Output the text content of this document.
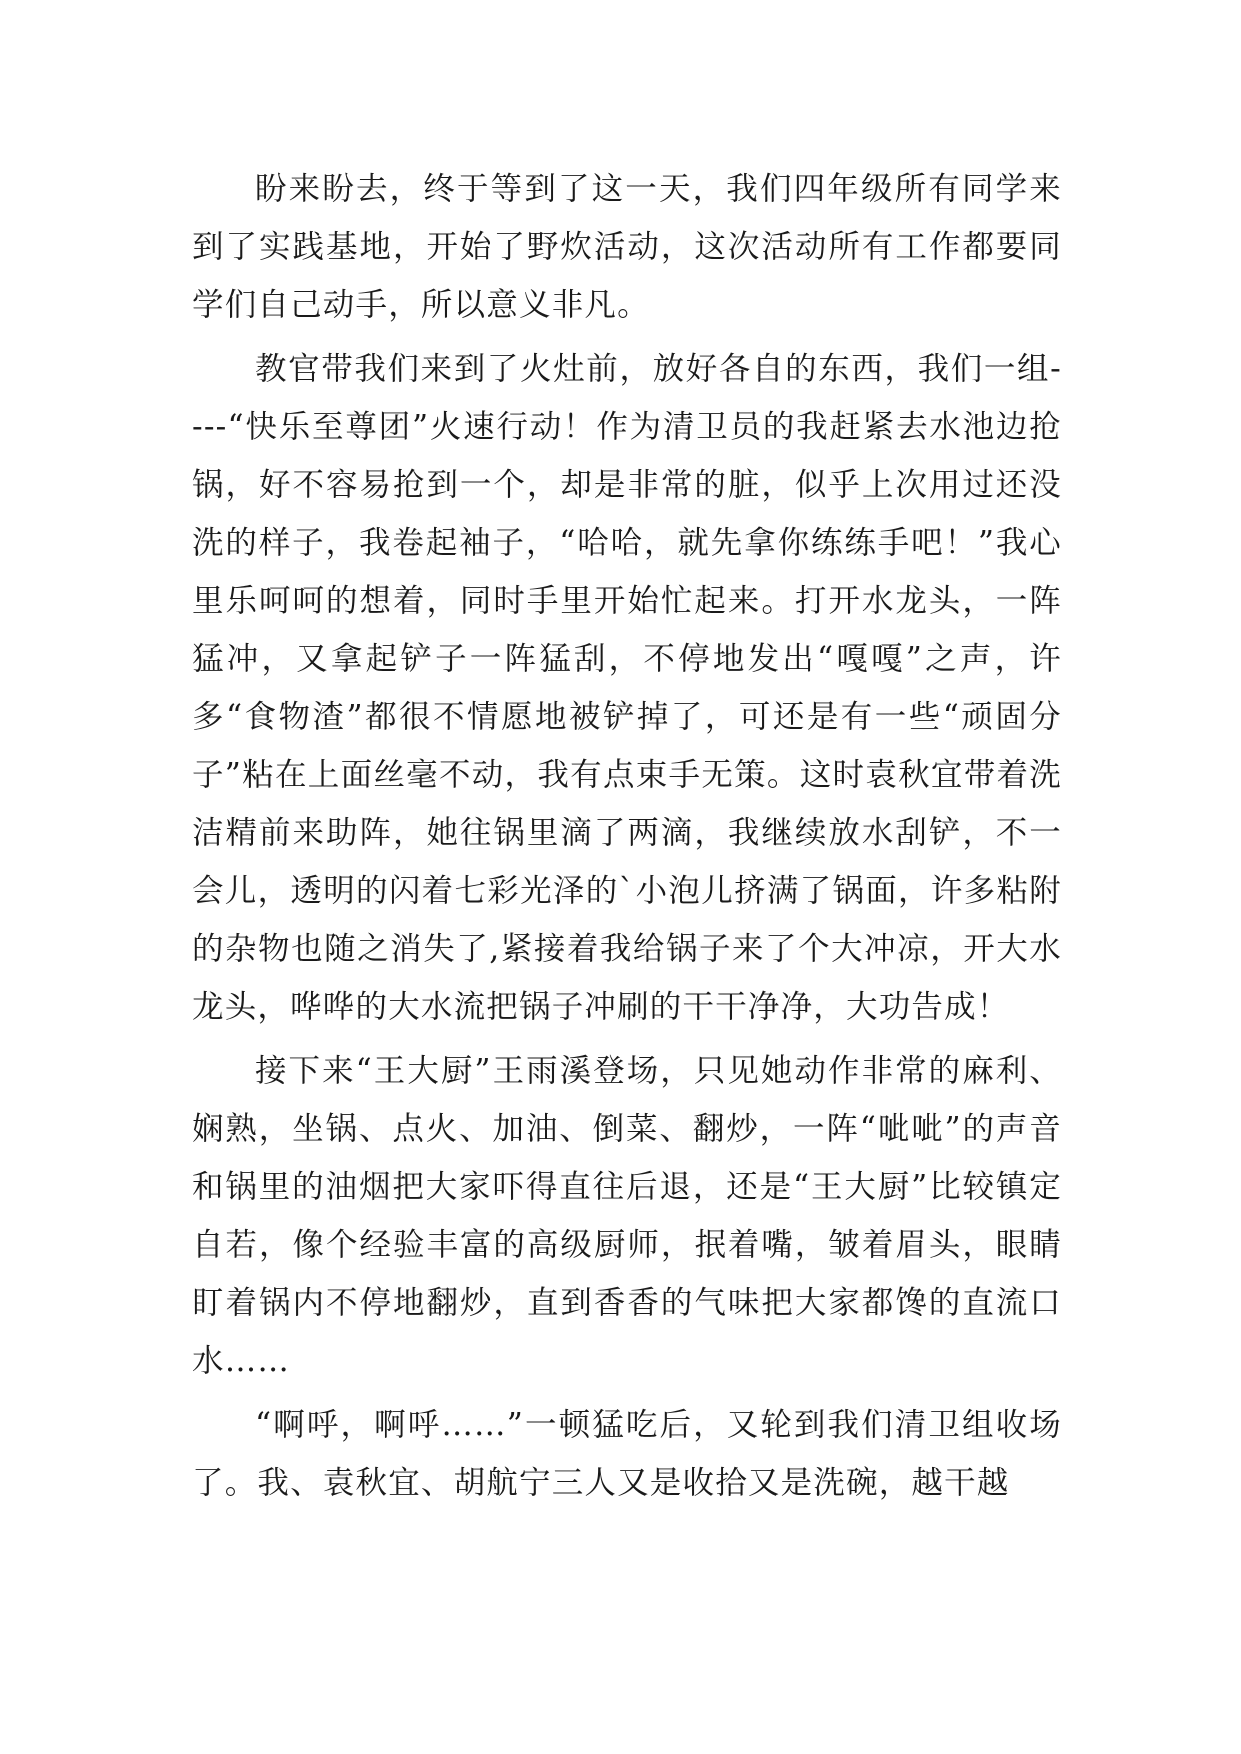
盼来盼去，终于等到了这一天，我们四年级所有同学来到了实践基地，开始了野炊活动，这次活动所有工作都要同学们自己动手，所以意义非凡。

教官带我们来到了火灶前，放好各自的东西，我们一组----“快乐至尊团”火速行动！作为清卫员的我赶紧去水池边抢锅，好不容易抢到一个，却是非常的脏，似乎上次用过还没洗的样子，我卷起袖子，“哈哈，就先拿你练练手吧！”我心里乐呵呵的想着，同时手里开始忙起来。打开水龙头，一阵猛冲，又拿起铲子一阵猛刮，不停地发出“嘎嘎”之声，许多“食物渣”都很不情愿地被铲掉了，可还是有一些“顽固分子”粘在上面丝毫不动，我有点束手无策。这时袁秋宜带着洗洁精前来助阵，她往锅里滴了两滴，我继续放水刮铲，不一会儿，透明的闪着七彩光泽的`小泡儿挤满了锅面，许多粘附的杂物也随之消失了,紧接着我给锅子来了个大冲凉，开大水龙头，哗哗的大水流把锅子冲刷的干干净净，大功告成！

接下来“王大厨”王雨溪登场，只见她动作非常的麻利、娴熟，坐锅、点火、加油、倒菜、翻炒，一阵“呲呲”的声音和锅里的油烟把大家吓得直往后退，还是“王大厨”比较镇定自若，像个经验丰富的高级厨师，抿着嘴，皱着眉头，眼睛盯着锅内不停地翻炒，直到香香的气味把大家都馋的直流口水……

“啊呼，啊呼……”一顿猛吃后，又轮到我们清卫组收场了。我、袁秋宜、胡航宁三人又是收拾又是洗碗，越干越
